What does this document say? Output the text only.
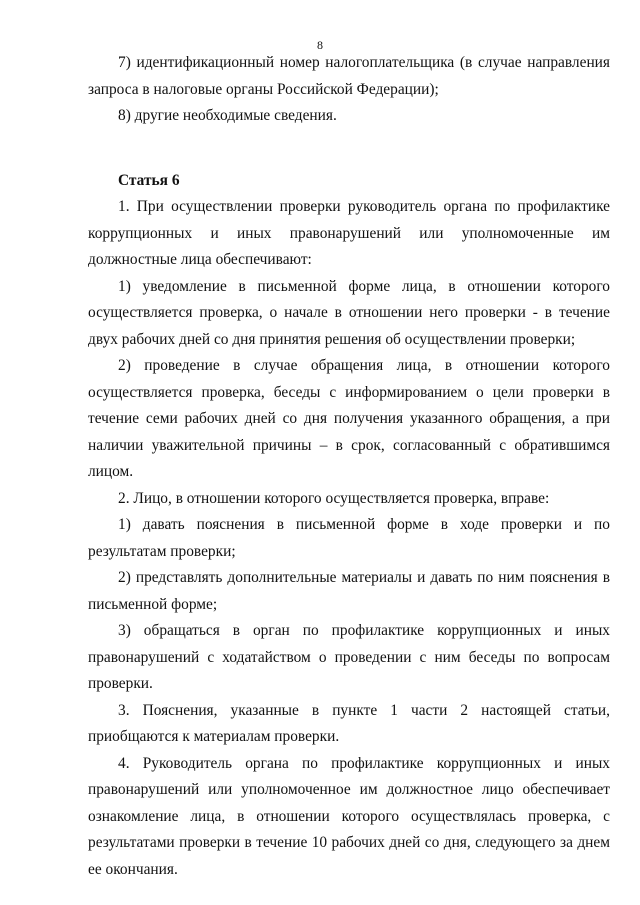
8

7) идентификационный номер налогоплательщика (в случае направления запроса в налоговые органы Российской Федерации);

8) другие необходимые сведения.

Статья 6

1. При осуществлении проверки руководитель органа по профилактике коррупционных и иных правонарушений или уполномоченные им должностные лица обеспечивают:

1) уведомление в письменной форме лица, в отношении которого осуществляется проверка, о начале в отношении него проверки - в течение двух рабочих дней со дня принятия решения об осуществлении проверки;

2) проведение в случае обращения лица, в отношении которого осуществляется проверка, беседы с информированием о цели проверки в течение семи рабочих дней со дня получения указанного обращения, а при наличии уважительной причины – в срок, согласованный с обратившимся лицом.

2. Лицо, в отношении которого осуществляется проверка, вправе:

1) давать пояснения в письменной форме в ходе проверки и по результатам проверки;

2) представлять дополнительные материалы и давать по ним пояснения в письменной форме;

3) обращаться в орган по профилактике коррупционных и иных правонарушений с ходатайством о проведении с ним беседы по вопросам проверки.

3. Пояснения, указанные в пункте 1 части 2 настоящей статьи, приобщаются к материалам проверки.

4. Руководитель органа по профилактике коррупционных и иных правонарушений или уполномоченное им должностное лицо обеспечивает ознакомление лица, в отношении которого осуществлялась проверка, с результатами проверки в течение 10 рабочих дней со дня, следующего за днем ее окончания.
